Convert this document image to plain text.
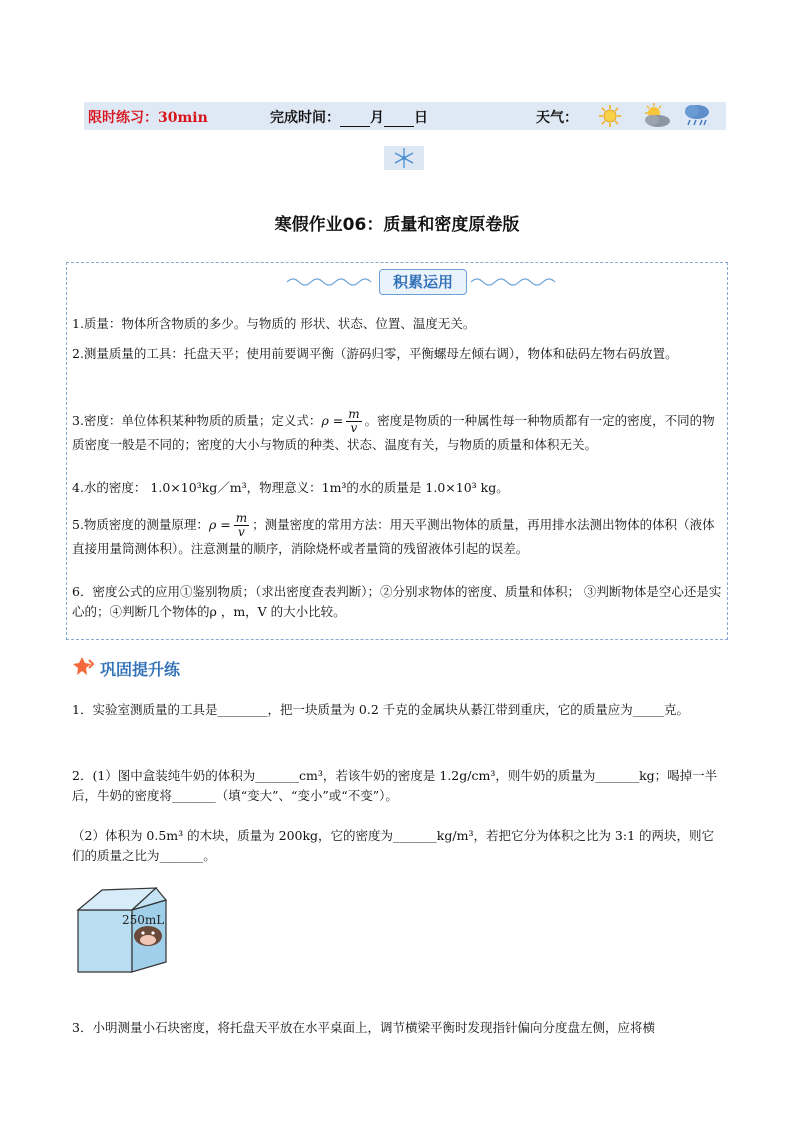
限时练习：30min	完成时间： 月 日	天气：
寒假作业06：质量和密度原卷版
积累运用
1.质量：物体所含物质的多少。与物质的 形状、状态、位置、温度无关。
2.测量质量的工具：托盘天平；使用前要调平衡（游码归零，平衡螺母左倾右调），物体和砝码左物右码放置。
3.密度：单位体积某种物质的质量；定义式：$\rho = \frac{m}{v}$ 。密度是物质的一种属性每一种物质都有一定的密度，不同的物质密度一般是不同的；密度的大小与物质的种类、状态、温度有关，与物质的质量和体积无关。
4.水的密度： 1.0×10³kg／m³，物理意义：1m³的水的质量是 1.0×10³ kg。
5.物质密度的测量原理：$\rho = \frac{m}{v}$ ；测量密度的常用方法：用天平测出物体的质量，再用排水法测出物体的体积（液体直接用量筒测体积）。注意测量的顺序，消除烧杯或者量筒的残留液体引起的误差。
6．密度公式的应用①鉴别物质；（求出密度查表判断）；②分别求物体的密度、质量和体积； ③判断物体是空心还是实心的；④判断几个物体的ρ ，m，V 的大小比较。
巩固提升练
1．实验室测质量的工具是________，把一块质量为 0.2 千克的金属块从綦江带到重庆，它的质量应为_____克。
2．(1）图中盒装纯牛奶的体积为_______cm³，若该牛奶的密度是 1.2g/cm³，则牛奶的质量为_______kg；喝掉一半后，牛奶的密度将_______（填“变大”、“变小”或“不变”）。
（2）体积为 0.5m³ 的木块，质量为 200kg，它的密度为_______kg/m³，若把它分为体积之比为 3:1 的两块，则它们的质量之比为_______。
250mL
3．小明测量小石块密度，将托盘天平放在水平桌面上，调节横梁平衡时发现指针偏向分度盘左侧，应将横
